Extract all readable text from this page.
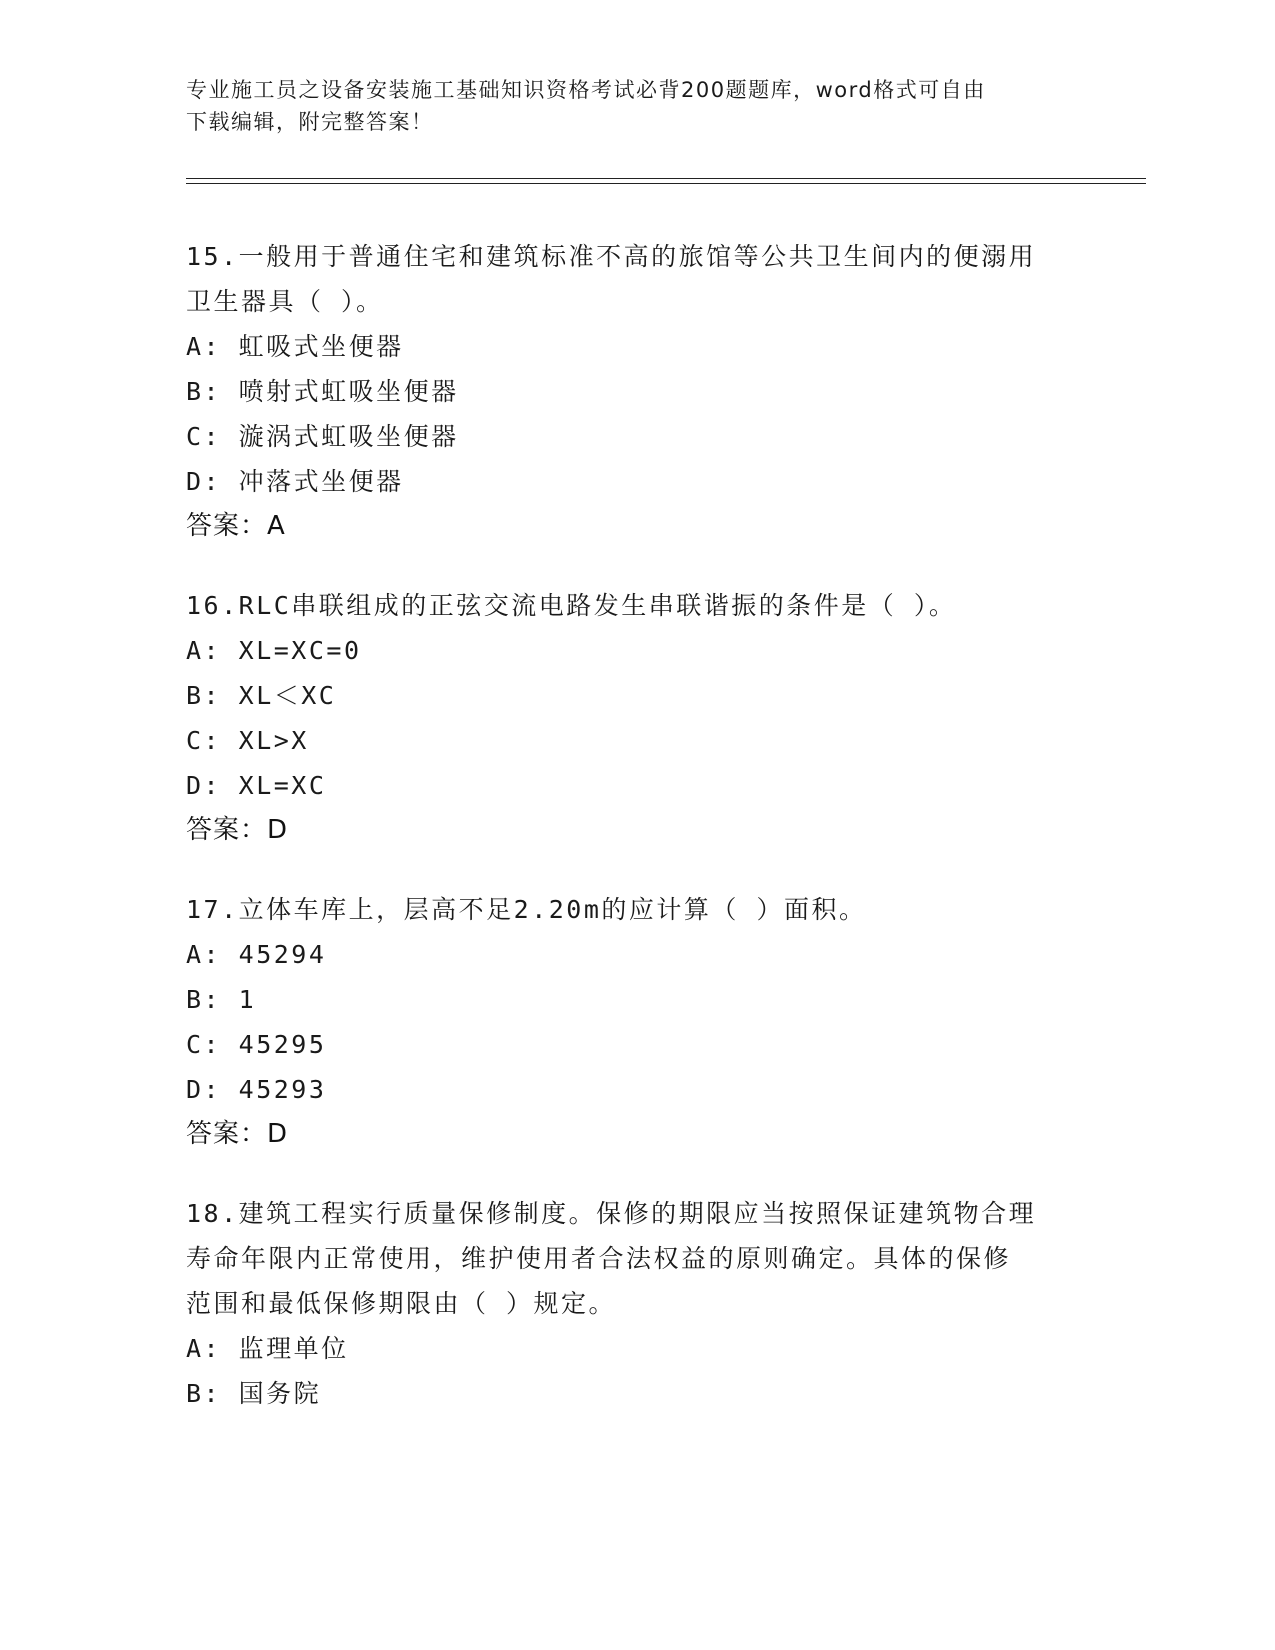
专业施工员之设备安装施工基础知识资格考试必背200题题库，word格式可自由
下载编辑，附完整答案！

15.一般用于普通住宅和建筑标准不高的旅馆等公共卫生间内的便溺用

卫生器具（ ）。

A: 虹吸式坐便器

B: 喷射式虹吸坐便器

C: 漩涡式虹吸坐便器

D: 冲落式坐便器

答案：A

16.RLC串联组成的正弦交流电路发生串联谐振的条件是（ ）。

A: XL=XC=0

B: XL＜XC

C: XL>X

D: XL=XC

答案：D

17.立体车库上，层高不足2.20m的应计算（ ）面积。

A: 45294

B: 1

C: 45295

D: 45293

答案：D

18.建筑工程实行质量保修制度。保修的期限应当按照保证建筑物合理

寿命年限内正常使用，维护使用者合法权益的原则确定。具体的保修

范围和最低保修期限由（ ）规定。

A: 监理单位

B: 国务院
